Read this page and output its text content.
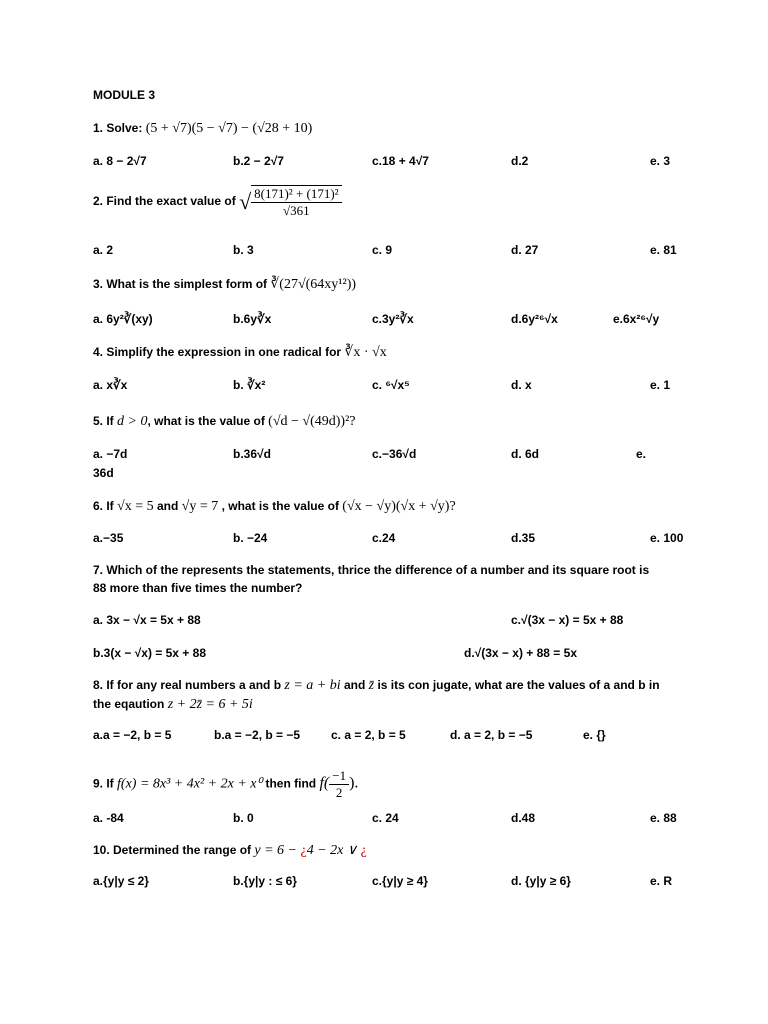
MODULE 3
1. Solve: (5 + √7)(5 − √7) − (√28 + 10)
a. 8 − 2√7	b.2 − 2√7	c.18 + 4√7	d.2	e. 3
2. Find the exact value of √ $\frac{\text{8(171)² + (171)²}}{√361}$
a. 2	b. 3	c. 9	d. 27	e. 81
3. What is the simplest form of ∛(27√(64xy¹²))
a. 6y²∛(xy)	b.6y∛x	c.3y²∛x	d.6y²⁶√x	e.6x²⁶√y
4. Simplify the expression in one radical for ∛x · √x
a. x∛x	b. ∛x²	c. ⁶√x⁵	d. x	e. 1
5. If d > 0, what is the value of (√d − √(49d))²?
a. −7d	b.36√d	c.−36√d	d. 6d	e.
36d
6. If √x = 5 and √y = 7 , what is the value of (√x − √y)(√x + √y)?
a.−35	b. −24	c.24	d.35	e. 100
7. Which of the represents the statements, thrice the difference of a number and its square root is
88 more than five times the number?
a. 3x − √x = 5x + 88	c.√(3x − x) = 5x + 88
b.3(x − √x) = 5x + 88	d.√(3x − x) + 88 = 5x
8. If for any real numbers a and b z = a + bi and z̄ is its con jugate, what are the values of a and b in
the eqaution z + 2z̄ = 6 + 5i
a.a = −2, b = 5	b.a = −2, b = −5	c. a = 2, b = 5	d. a = 2, b = −5	e. {}
9. If f(x) = 8x³ + 4x² + 2x + x⁰ then find $f( \frac{-1}{2}$ ).
a. -84	b. 0	c. 24	d.48	e. 88
10. Determined the range of y = 6 − ¿4 − 2x ∨ ¿
a.{y|y ≤ 2}	b.{y|y : ≤ 6}	c.{y|y ≥ 4}	d. {y|y ≥ 6}	e. R
